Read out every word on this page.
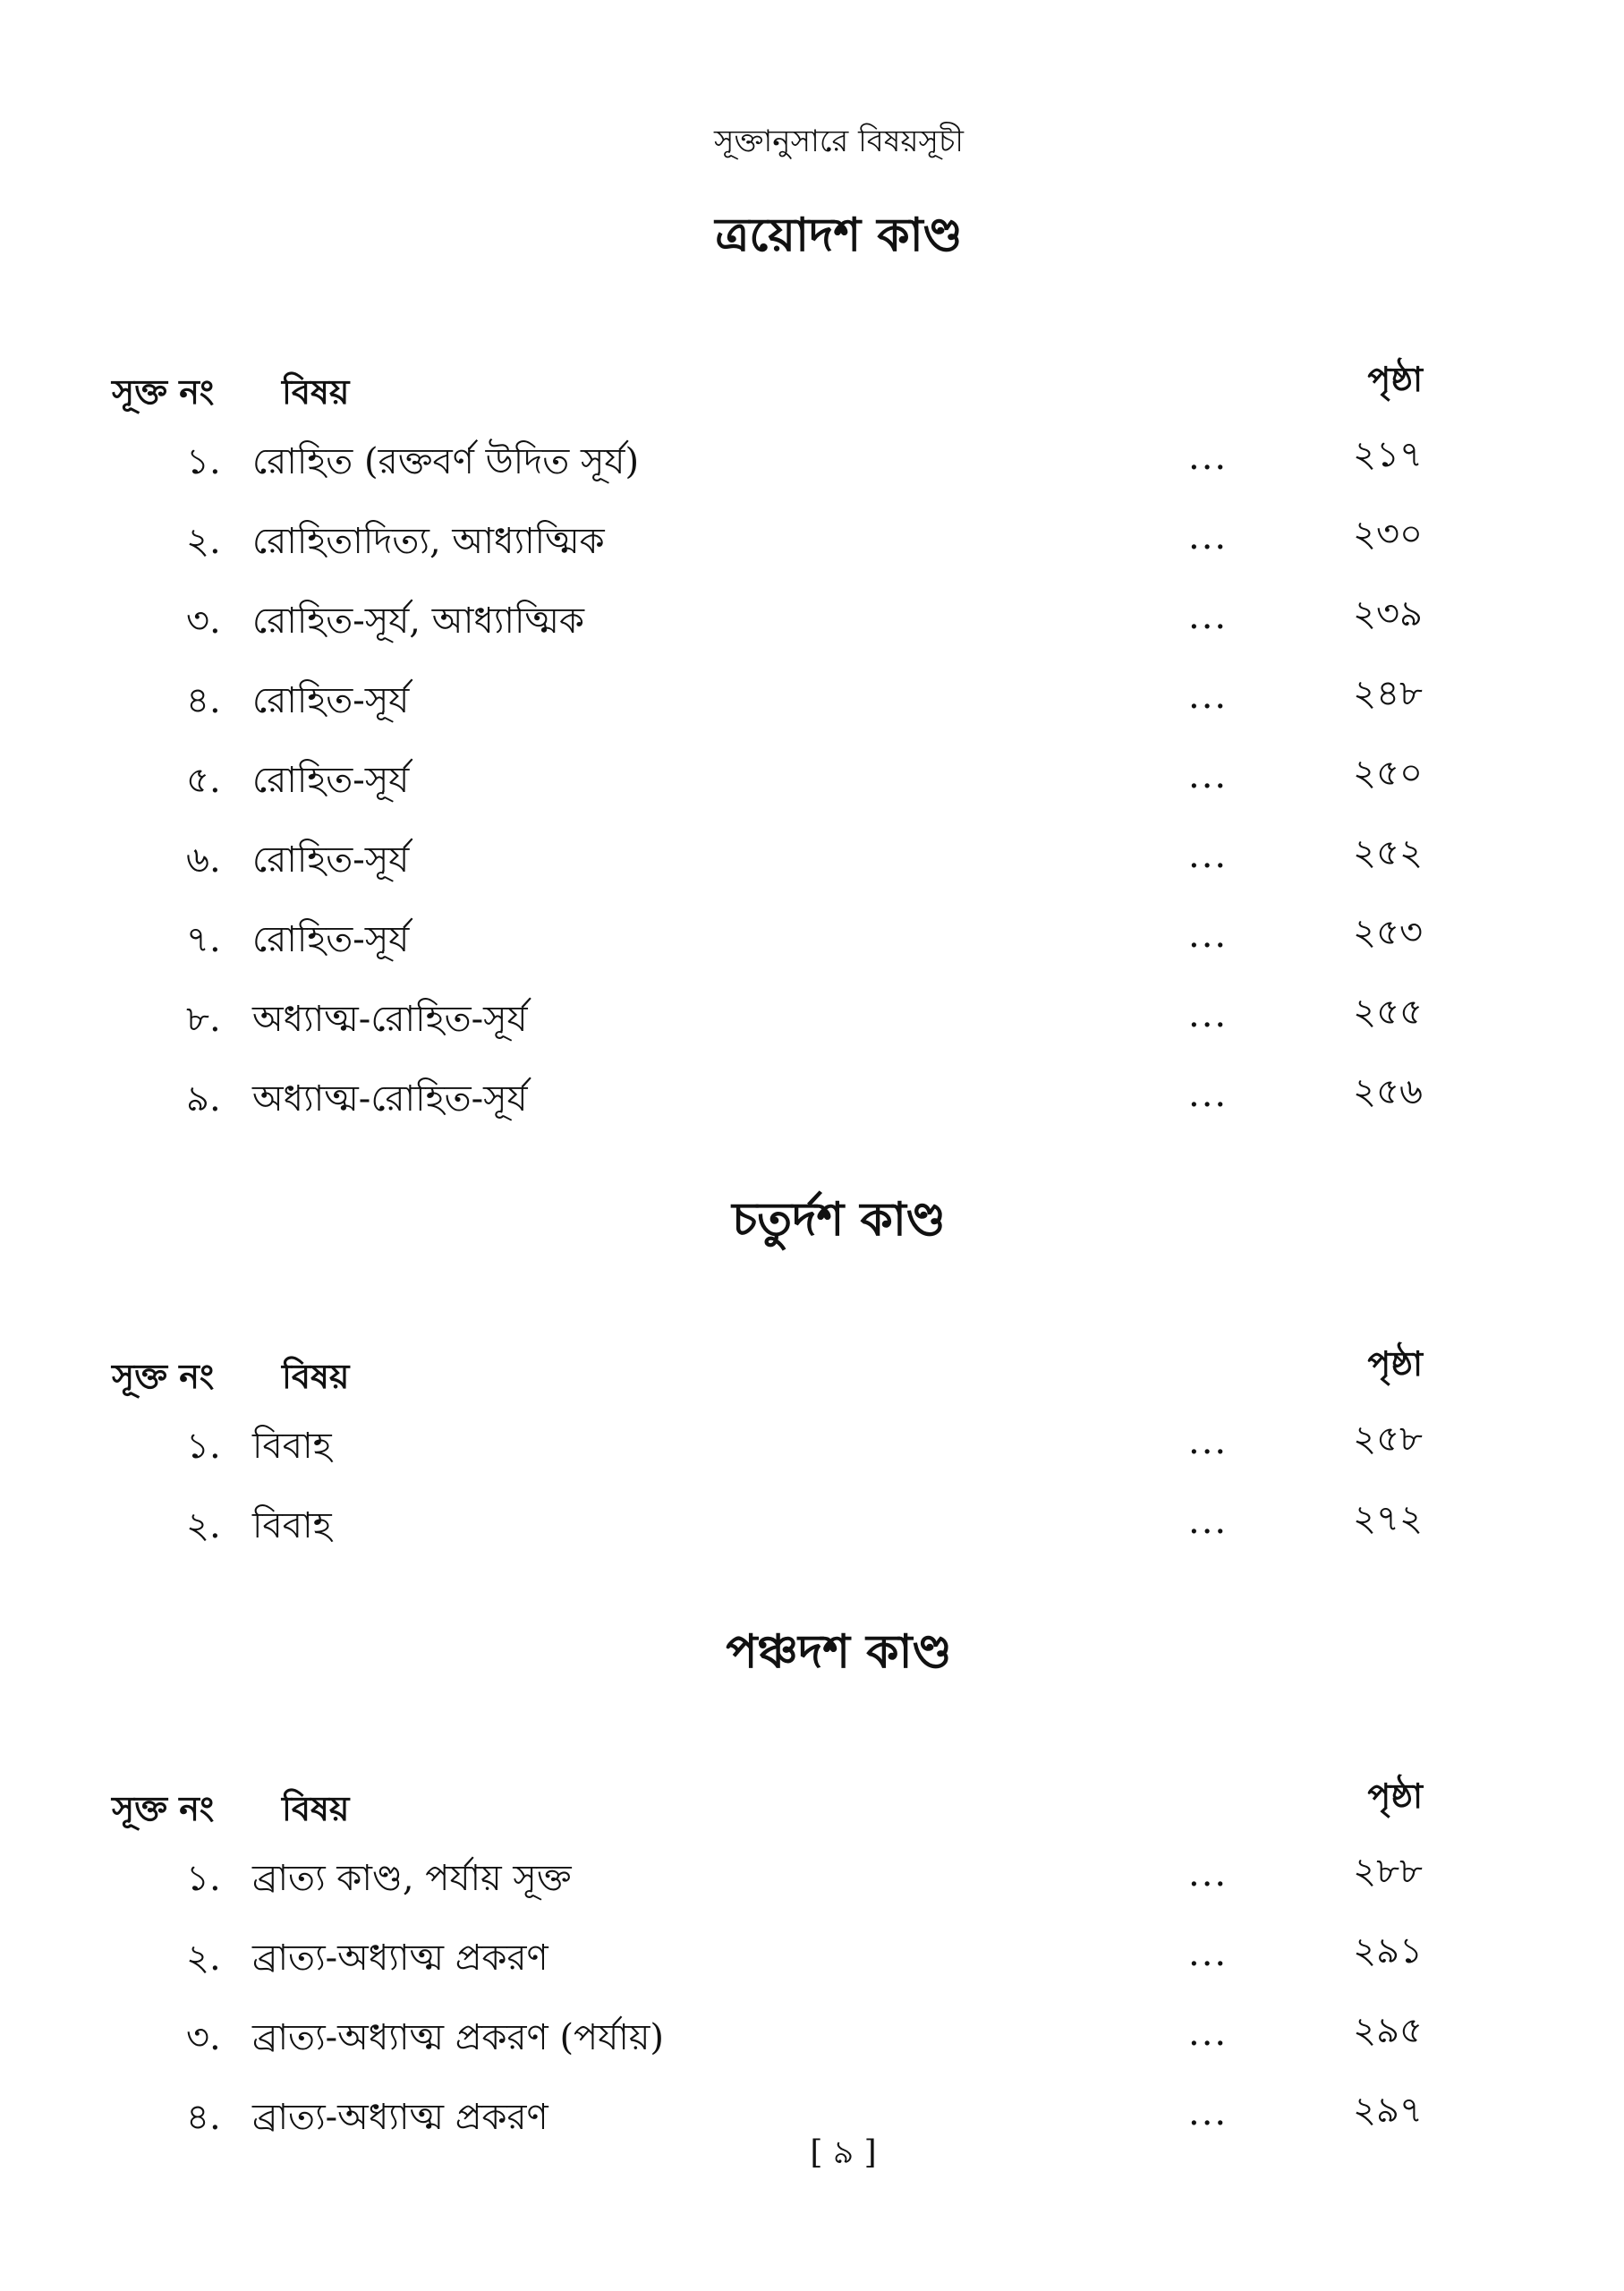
সূক্তানুসারে বিষয়সূচী
ত্রয়োদশ কাণ্ড
সূক্ত নং বিষয়	পৃষ্ঠা
১. রোহিত (রক্তবর্ণ উদিত সূর্য)	...	২১৭
২. রোহিতাদিত্য, আধ্যাত্মিক	...	২৩০
৩. রোহিত-সূর্য, আধ্যাত্মিক	...	২৩৯
৪. রোহিত-সূর্য	...	২৪৮
৫. রোহিত-সূর্য	...	২৫০
৬. রোহিত-সূর্য	...	২৫২
৭. রোহিত-সূর্য	...	২৫৩
৮. অধ্যাত্ম-রোহিত-সূর্য	...	২৫৫
৯. অধ্যাত্ম-রোহিত-সূর্য	...	২৫৬
চতুর্দশ কাণ্ড
সূক্ত নং বিষয়	পৃষ্ঠা
১. বিবাহ	...	২৫৮
২. বিবাহ	...	২৭২
পঞ্চদশ কাণ্ড
সূক্ত নং বিষয়	পৃষ্ঠা
১. ব্রাত্য কাণ্ড, পর্যায় সূক্ত	...	২৮৮
২. ব্রাত্য-অধ্যাত্ম প্রকরণ	...	২৯১
৩. ব্রাত্য-অধ্যাত্ম প্রকরণ (পর্যায়)	...	২৯৫
৪. ব্রাত্য-অধ্যাত্ম প্রকরণ	...	২৯৭
[ ৯ ]
